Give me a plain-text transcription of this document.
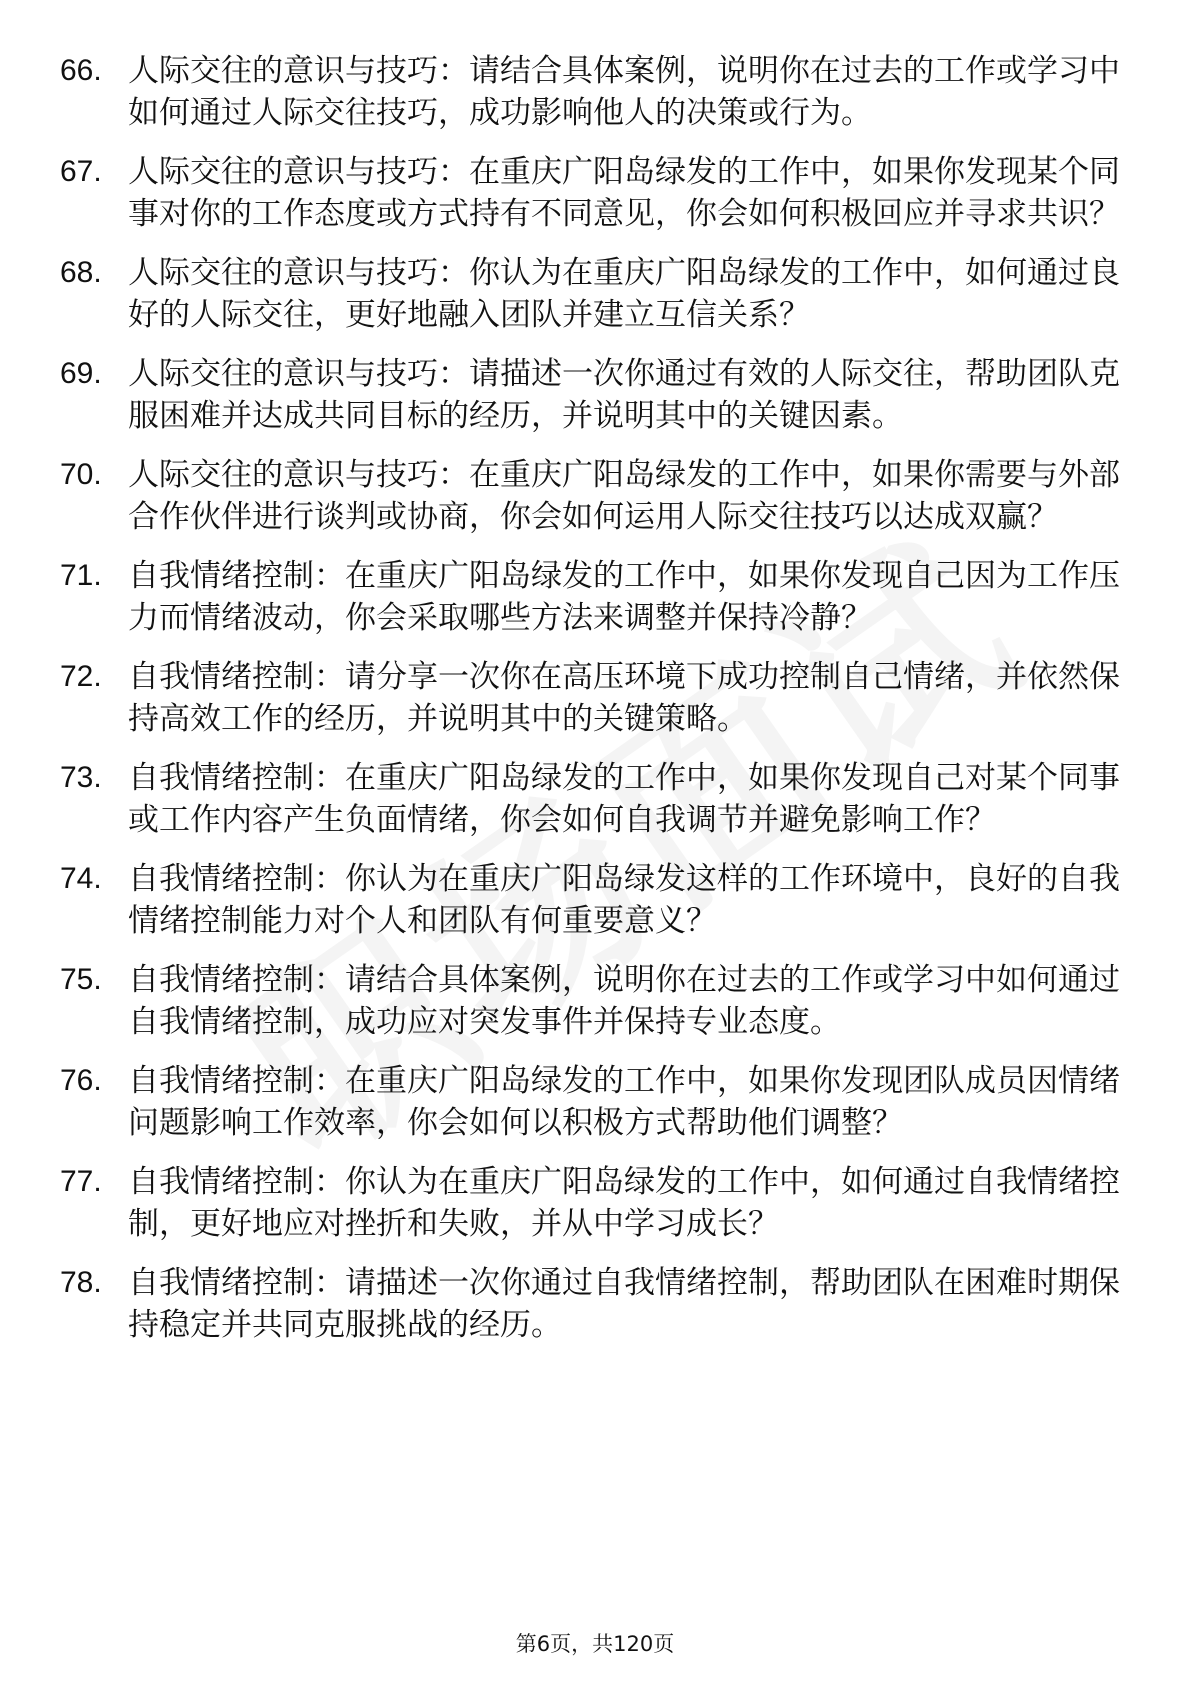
66. 人际交往的意识与技巧：请结合具体案例，说明你在过去的工作或学习中如何通过人际交往技巧，成功影响他人的决策或行为。
67. 人际交往的意识与技巧：在重庆广阳岛绿发的工作中，如果你发现某个同事对你的工作态度或方式持有不同意见，你会如何积极回应并寻求共识？
68. 人际交往的意识与技巧：你认为在重庆广阳岛绿发的工作中，如何通过良好的人际交往，更好地融入团队并建立互信关系？
69. 人际交往的意识与技巧：请描述一次你通过有效的人际交往，帮助团队克服困难并达成共同目标的经历，并说明其中的关键因素。
70. 人际交往的意识与技巧：在重庆广阳岛绿发的工作中，如果你需要与外部合作伙伴进行谈判或协商，你会如何运用人际交往技巧以达成双赢？
71. 自我情绪控制：在重庆广阳岛绿发的工作中，如果你发现自己因为工作压力而情绪波动，你会采取哪些方法来调整并保持冷静？
72. 自我情绪控制：请分享一次你在高压环境下成功控制自己情绪，并依然保持高效工作的经历，并说明其中的关键策略。
73. 自我情绪控制：在重庆广阳岛绿发的工作中，如果你发现自己对某个同事或工作内容产生负面情绪，你会如何自我调节并避免影响工作？
74. 自我情绪控制：你认为在重庆广阳岛绿发这样的工作环境中，良好的自我情绪控制能力对个人和团队有何重要意义？
75. 自我情绪控制：请结合具体案例，说明你在过去的工作或学习中如何通过自我情绪控制，成功应对突发事件并保持专业态度。
76. 自我情绪控制：在重庆广阳岛绿发的工作中，如果你发现团队成员因情绪问题影响工作效率，你会如何以积极方式帮助他们调整？
77. 自我情绪控制：你认为在重庆广阳岛绿发的工作中，如何通过自我情绪控制，更好地应对挫折和失败，并从中学习成长？
78. 自我情绪控制：请描述一次你通过自我情绪控制，帮助团队在困难时期保持稳定并共同克服挑战的经历。
第6页，共120页
